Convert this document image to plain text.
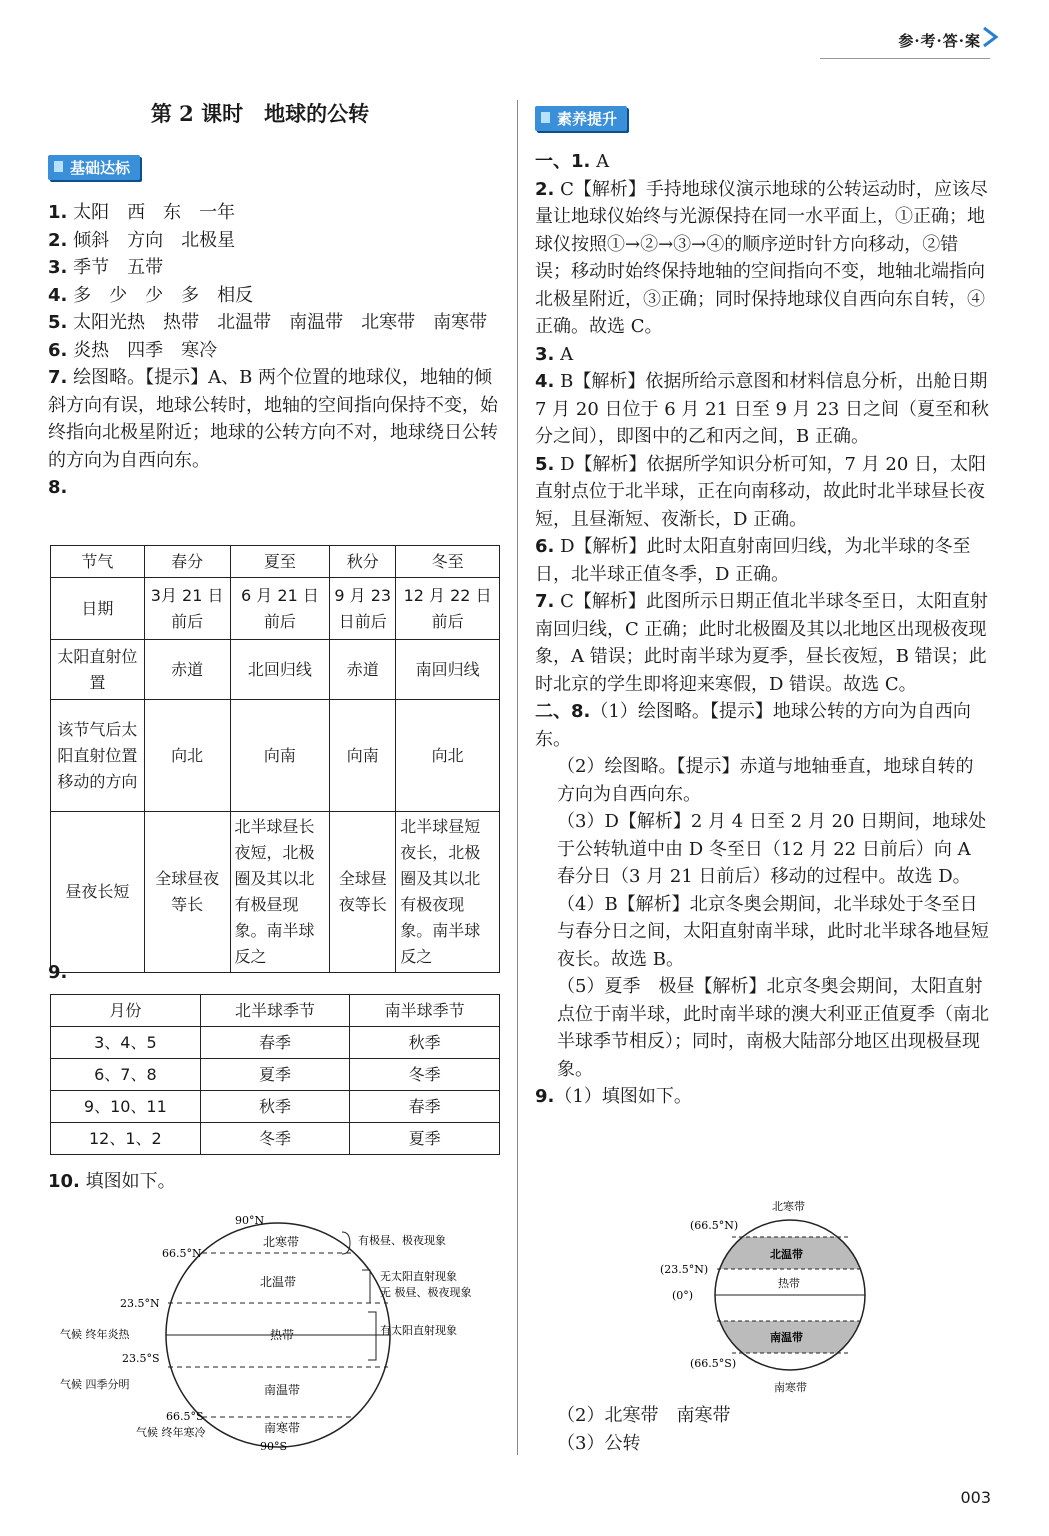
参·考·答·案
第 2 课时　地球的公转
基础达标

1. 太阳　西　东　一年

2. 倾斜　方向　北极星

3. 季节　五带

4. 多　少　少　多　相反

5. 太阳光热　热带　北温带　南温带　北寒带　南寒带

6. 炎热　四季　寒冷

7. 绘图略。【提示】A、B 两个位置的地球仪，地轴的倾斜方向有误，地球公转时，地轴的空间指向保持不变，始终指向北极星附近；地球的公转方向不对，地球绕日公转的方向为自西向东。

8.

节气	春分	夏至	秋分	冬至
日期	3月 21 日前后	6 月 21 日前后	9 月 23 日前后	12 月 22 日前后
太阳直射位置	赤道	北回归线	赤道	南回归线
该节气后太阳直射位置移动的方向	向北	向南	向南	向北
昼夜长短	全球昼夜等长	北半球昼长夜短，北极圈及其以北有极昼现象。南半球反之	全球昼夜等长	北半球昼短夜长，北极圈及其以北有极夜现象。南半球反之
9.
月份	北半球季节	南半球季节
3、4、5	春季	秋季
6、7、8	夏季	冬季
9、10、11	秋季	春季
12、1、2	冬季	夏季
10. 填图如下。
90°N
66.5°N
23.5°N
23.5°S
66.5°S
90°S
北寒带
北温带
热带
南温带
南寒带
有极昼、极夜现象
无太阳直射现象
无 极昼、极夜现象
有太阳直射现象
气候 终年炎热
气候 四季分明
气候 终年寒冷
素养提升

一、1. A

2. C【解析】手持地球仪演示地球的公转运动时，应该尽量让地球仪始终与光源保持在同一水平面上，①正确；地球仪按照①→②→③→④的顺序逆时针方向移动，②错误；移动时始终保持地轴的空间指向不变，地轴北端指向北极星附近，③正确；同时保持地球仪自西向东自转，④正确。故选 C。

3. A

4. B【解析】依据所给示意图和材料信息分析，出舱日期 7 月 20 日位于 6 月 21 日至 9 月 23 日之间（夏至和秋分之间），即图中的乙和丙之间，B 正确。

5. D【解析】依据所学知识分析可知，7 月 20 日，太阳直射点位于北半球，正在向南移动，故此时北半球昼长夜短，且昼渐短、夜渐长，D 正确。

6. D【解析】此时太阳直射南回归线，为北半球的冬至日，北半球正值冬季，D 正确。

7. C【解析】此图所示日期正值北半球冬至日，太阳直射南回归线，C 正确；此时北极圈及其以北地区出现极夜现象，A 错误；此时南半球为夏季，昼长夜短，B 错误；此时北京的学生即将迎来寒假，D 错误。故选 C。

二、8.（1）绘图略。【提示】地球公转的方向为自西向东。

（2）绘图略。【提示】赤道与地轴垂直，地球自转的方向为自西向东。

（3）D【解析】2 月 4 日至 2 月 20 日期间，地球处于公转轨道中由 D 冬至日（12 月 22 日前后）向 A 春分日（3 月 21 日前后）移动的过程中。故选 D。

（4）B【解析】北京冬奥会期间，北半球处于冬至日与春分日之间，太阳直射南半球，此时北半球各地昼短夜长。故选 B。

（5）夏季　极昼【解析】北京冬奥会期间，太阳直射点位于南半球，此时南半球的澳大利亚正值夏季（南北半球季节相反）；同时，南极大陆部分地区出现极昼现象。

9.（1）填图如下。

北寒带
(66.5°N)
北温带
(23.5°N)
热带
(0°)
南温带
(66.5°S)
南寒带

（2）北寒带　南寒带

（3）公转

003
